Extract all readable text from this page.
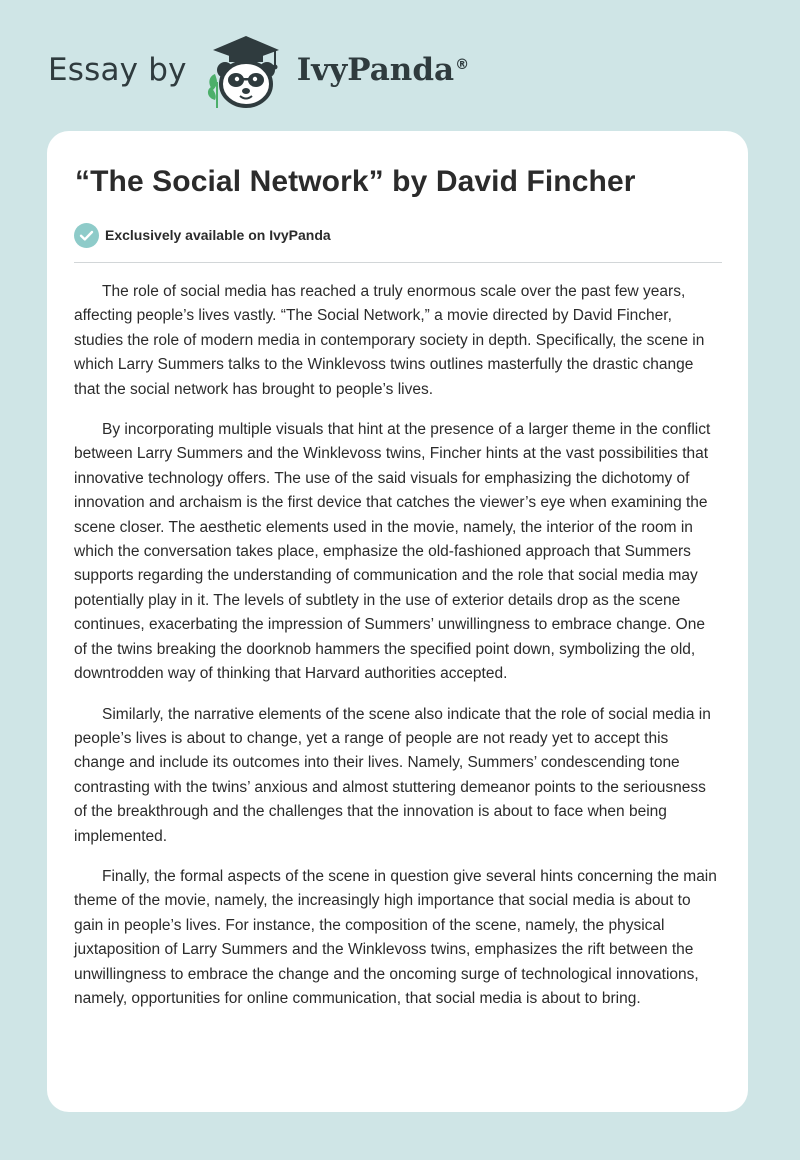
Essay by	IvyPanda®
“The Social Network” by David Fincher
Exclusively available on IvyPanda

The role of social media has reached a truly enormous scale over the past few years, affecting people’s lives vastly. “The Social Network,” a movie directed by David Fincher, studies the role of modern media in contemporary society in depth. Specifically, the scene in which Larry Summers talks to the Winklevoss twins outlines masterfully the drastic change that the social network has brought to people’s lives.

By incorporating multiple visuals that hint at the presence of a larger theme in the conflict between Larry Summers and the Winklevoss twins, Fincher hints at the vast possibilities that innovative technology offers. The use of the said visuals for emphasizing the dichotomy of innovation and archaism is the first device that catches the viewer’s eye when examining the scene closer. The aesthetic elements used in the movie, namely, the interior of the room in which the conversation takes place, emphasize the old-fashioned approach that Summers supports regarding the understanding of communication and the role that social media may potentially play in it. The levels of subtlety in the use of exterior details drop as the scene continues, exacerbating the impression of Summers’ unwillingness to embrace change. One of the twins breaking the doorknob hammers the specified point down, symbolizing the old, downtrodden way of thinking that Harvard authorities accepted.

Similarly, the narrative elements of the scene also indicate that the role of social media in people’s lives is about to change, yet a range of people are not ready yet to accept this change and include its outcomes into their lives. Namely, Summers’ condescending tone contrasting with the twins’ anxious and almost stuttering demeanor points to the seriousness of the breakthrough and the challenges that the innovation is about to face when being implemented.

Finally, the formal aspects of the scene in question give several hints concerning the main theme of the movie, namely, the increasingly high importance that social media is about to gain in people’s lives. For instance, the composition of the scene, namely, the physical juxtaposition of Larry Summers and the Winklevoss twins, emphasizes the rift between the unwillingness to embrace the change and the oncoming surge of technological innovations, namely, opportunities for online communication, that social media is about to bring.
